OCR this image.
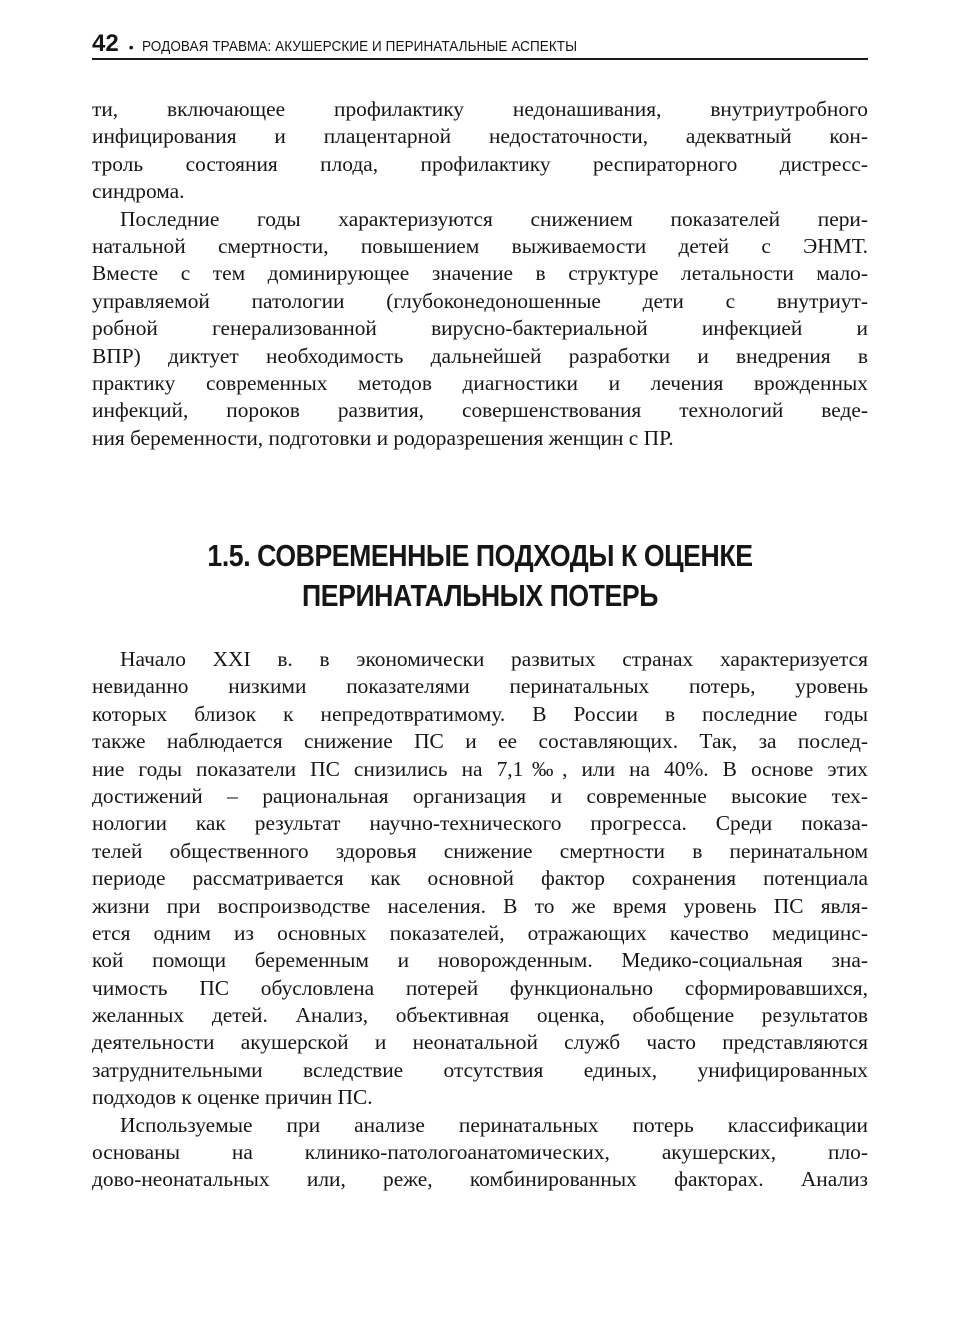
42 • РОДОВАЯ ТРАВМА: АКУШЕРСКИЕ И ПЕРИНАТАЛЬНЫЕ АСПЕКТЫ
ти, включающее профилактику недонашивания, внутриутробного
инфицирования и плацентарной недостаточности, адекватный кон-
троль состояния плода, профилактику респираторного дистресс-
синдрома.
Последние годы характеризуются снижением показателей пери-
натальной смертности, повышением выживаемости детей с ЭНМТ.
Вместе с тем доминирующее значение в структуре летальности мало-
управляемой патологии (глубоконедоношенные дети с внутриут-
робной генерализованной вирусно-бактериальной инфекцией и
ВПР) диктует необходимость дальнейшей разработки и внедрения в
практику современных методов диагностики и лечения врожденных
инфекций, пороков развития, совершенствования технологий веде-
ния беременности, подготовки и родоразрешения женщин с ПР.
1.5. СОВРЕМЕННЫЕ ПОДХОДЫ К ОЦЕНКЕ
ПЕРИНАТАЛЬНЫХ ПОТЕРЬ
Начало XXI в. в экономически развитых странах характеризуется
невиданно низкими показателями перинатальных потерь, уровень
которых близок к непредотвратимому. В России в последние годы
также наблюдается снижение ПС и ее составляющих. Так, за послед-
ние годы показатели ПС снизились на 7,1‰, или на 40%. В основе этих
достижений – рациональная организация и современные высокие тех-
нологии как результат научно-технического прогресса. Среди показа-
телей общественного здоровья снижение смертности в перинатальном
периоде рассматривается как основной фактор сохранения потенциала
жизни при воспроизводстве населения. В то же время уровень ПС явля-
ется одним из основных показателей, отражающих качество медицинс-
кой помощи беременным и новорожденным. Медико-социальная зна-
чимость ПС обусловлена потерей функционально сформировавшихся,
желанных детей. Анализ, объективная оценка, обобщение результатов
деятельности акушерской и неонатальной служб часто представляются
затруднительными вследствие отсутствия единых, унифицированных
подходов к оценке причин ПС.
Используемые при анализе перинатальных потерь классификации
основаны на клинико-патологоанатомических, акушерских, пло-
дово-неонатальных или, реже, комбинированных факторах. Анализ
